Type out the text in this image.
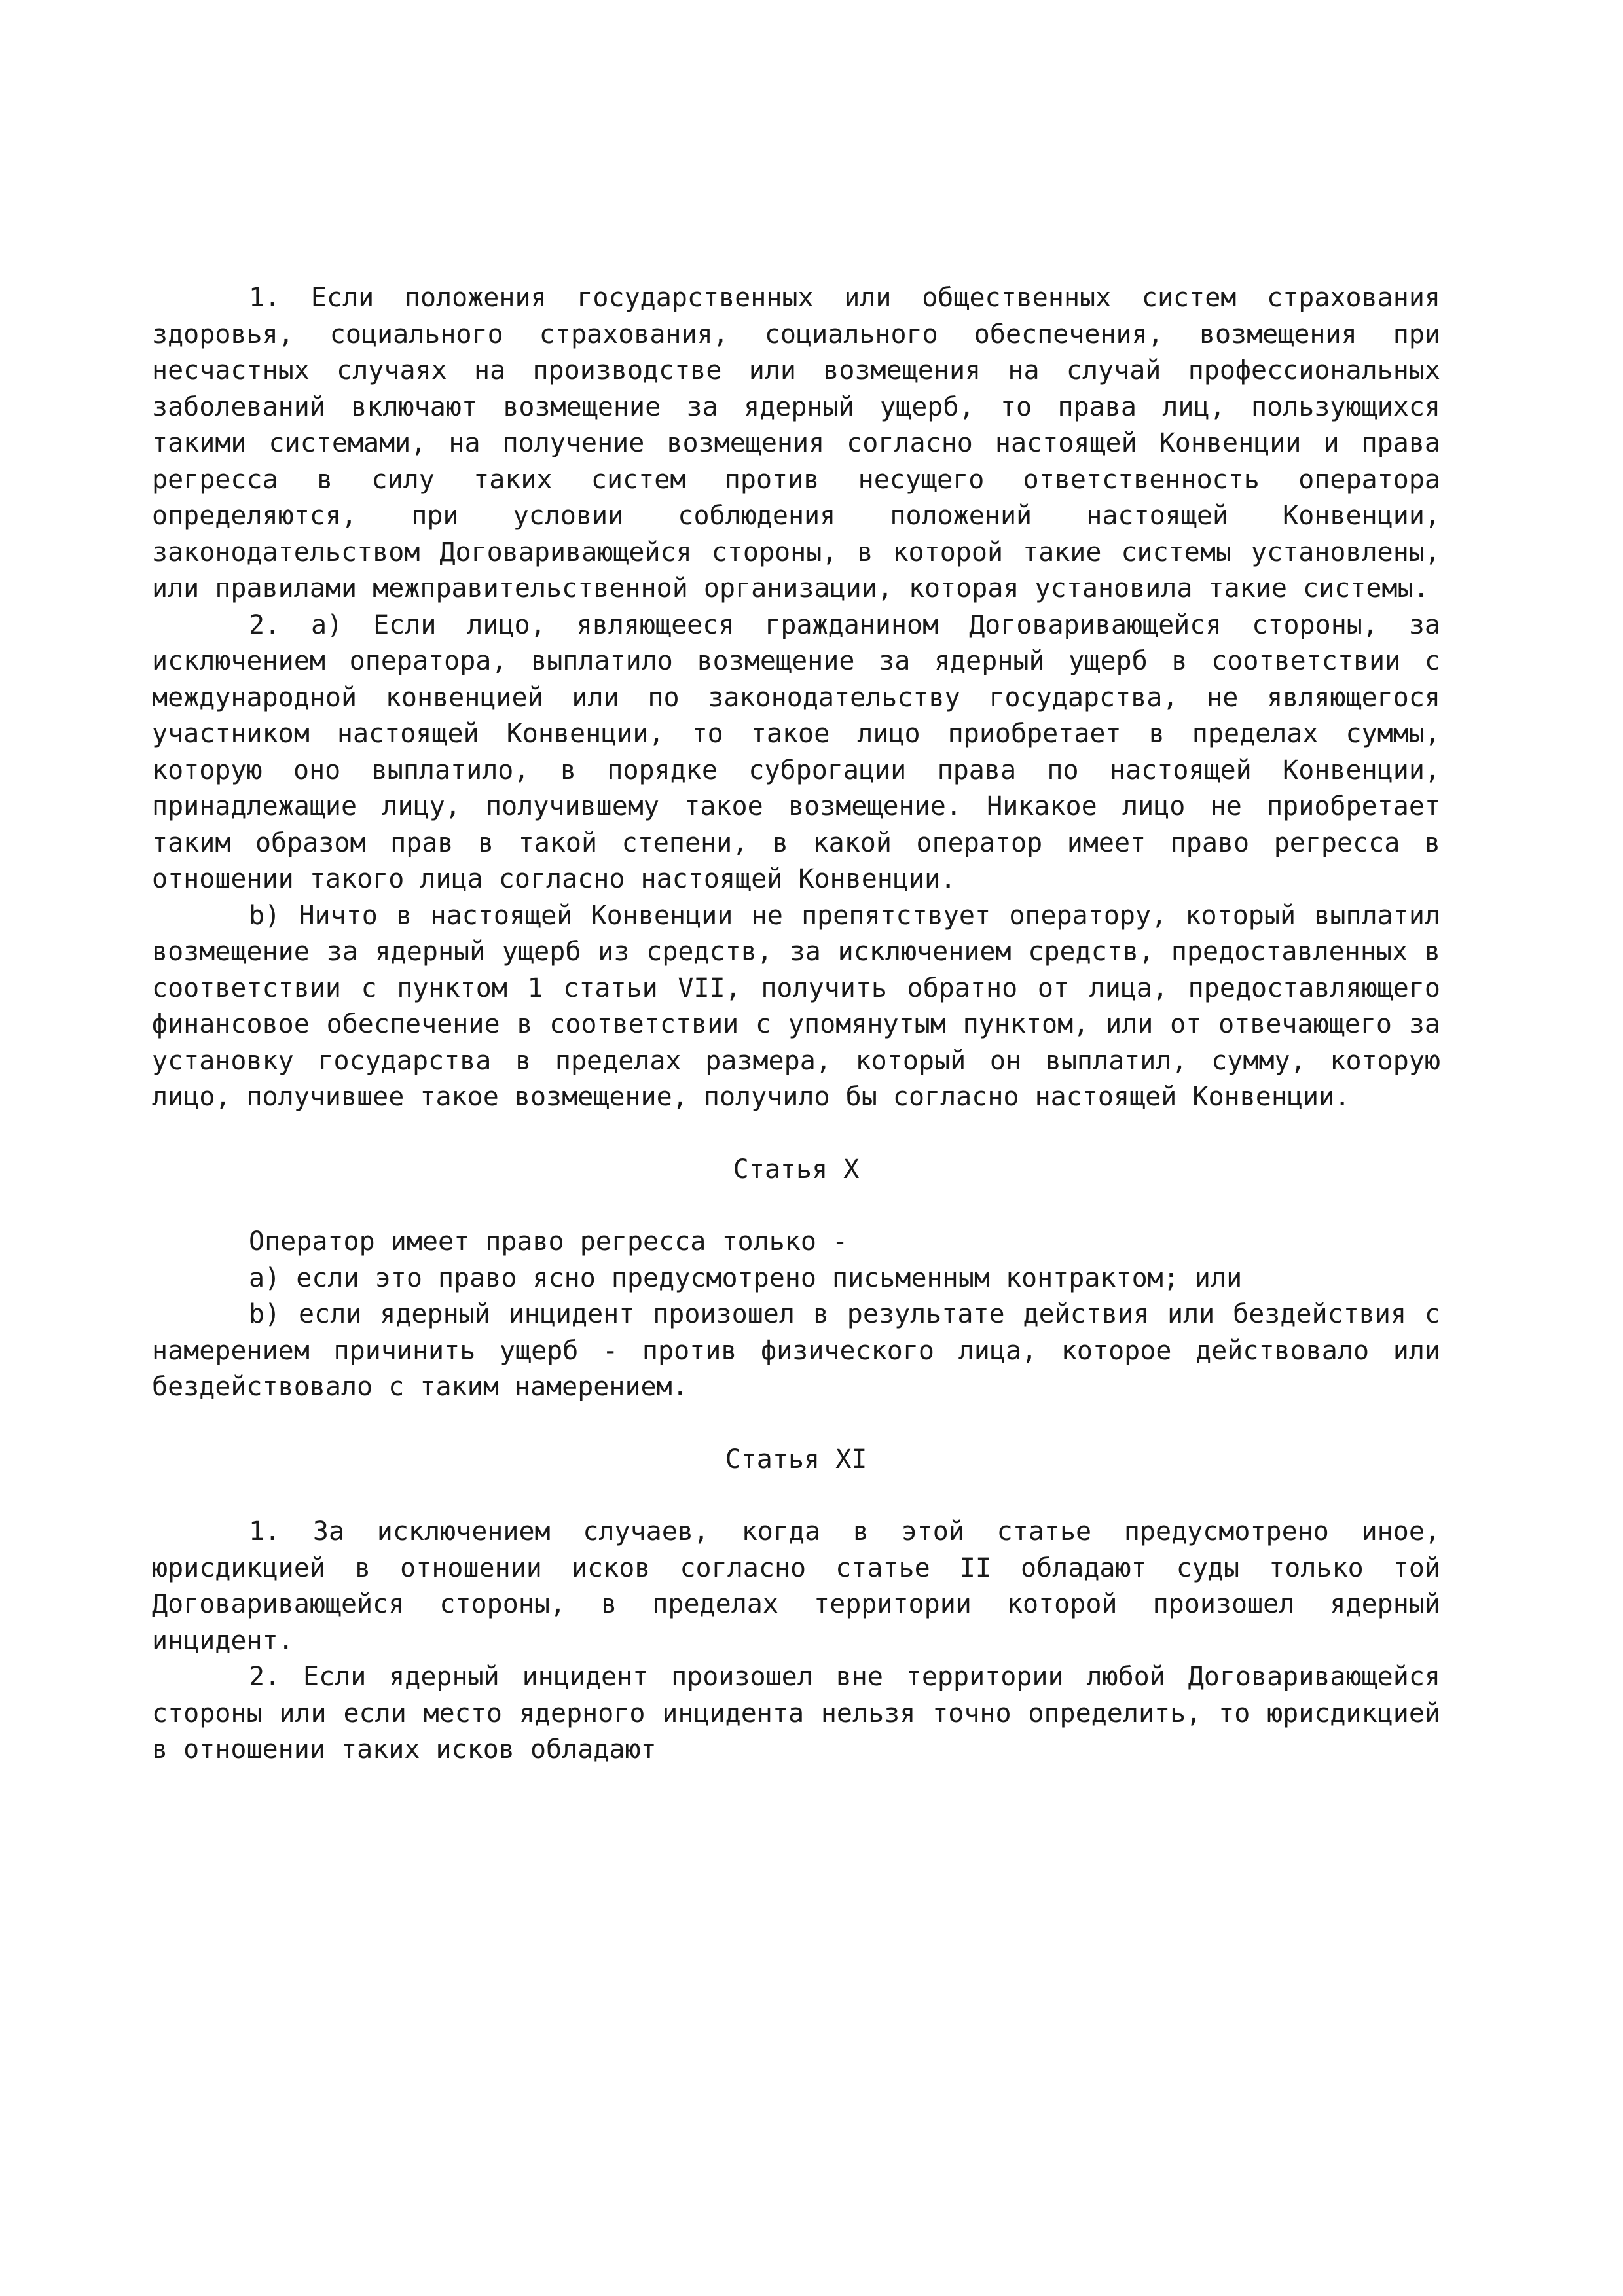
1. Если положения государственных или общественных систем страхования здоровья, социального страхования, социального обеспечения, возмещения при несчастных случаях на производстве или возмещения на случай профессиональных заболеваний включают возмещение за ядерный ущерб, то права лиц, пользующихся такими системами, на получение возмещения согласно настоящей Конвенции и права регресса в силу таких систем против несущего ответственность оператора определяются, при условии соблюдения положений настоящей Конвенции, законодательством Договаривающейся стороны, в которой такие системы установлены, или правилами межправительственной организации, которая установила такие системы.

2. a) Если лицо, являющееся гражданином Договаривающейся стороны, за исключением оператора, выплатило возмещение за ядерный ущерб в соответствии с международной конвенцией или по законодательству государства, не являющегося участником настоящей Конвенции, то такое лицо приобретает в пределах суммы, которую оно выплатило, в порядке суброгации права по настоящей Конвенции, принадлежащие лицу, получившему такое возмещение. Никакое лицо не приобретает таким образом прав в такой степени, в какой оператор имеет право регресса в отношении такого лица согласно настоящей Конвенции.

b) Ничто в настоящей Конвенции не препятствует оператору, который выплатил возмещение за ядерный ущерб из средств, за исключением средств, предоставленных в соответствии с пунктом 1 статьи VII, получить обратно от лица, предоставляющего финансовое обеспечение в соответствии с упомянутым пунктом, или от отвечающего за установку государства в пределах размера, который он выплатил, сумму, которую лицо, получившее такое возмещение, получило бы согласно настоящей Конвенции.

Статья X

Оператор имеет право регресса только -

a) если это право ясно предусмотрено письменным контрактом; или

b) если ядерный инцидент произошел в результате действия или бездействия с намерением причинить ущерб - против физического лица, которое действовало или бездействовало с таким намерением.

Статья XI

1. За исключением случаев, когда в этой статье предусмотрено иное, юрисдикцией в отношении исков согласно статье II обладают суды только той Договаривающейся стороны, в пределах территории которой произошел ядерный инцидент.

2. Если ядерный инцидент произошел вне территории любой Договаривающейся стороны или если место ядерного инцидента нельзя точно определить, то юрисдикцией в отношении таких исков обладают
